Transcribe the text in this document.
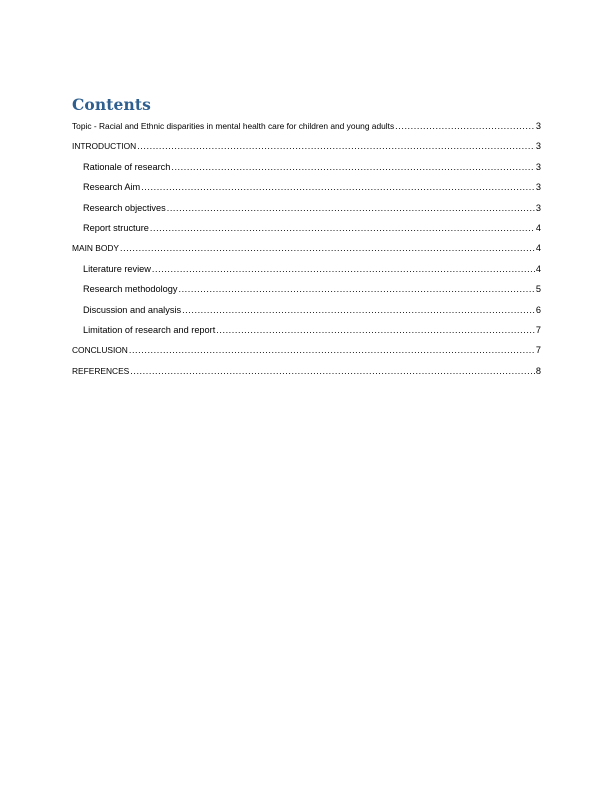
Contents
Topic - Racial and Ethnic disparities in mental health care for children and young adults .....	3
INTRODUCTION .....	3
Rationale of research .....	3
Research Aim .....	3
Research objectives .....	3
Report structure .....	4
MAIN BODY .....	4
Literature review .....	4
Research methodology .....	5
Discussion and analysis .....	6
Limitation of research and report .....	7
CONCLUSION .....	7
REFERENCES .....	8
